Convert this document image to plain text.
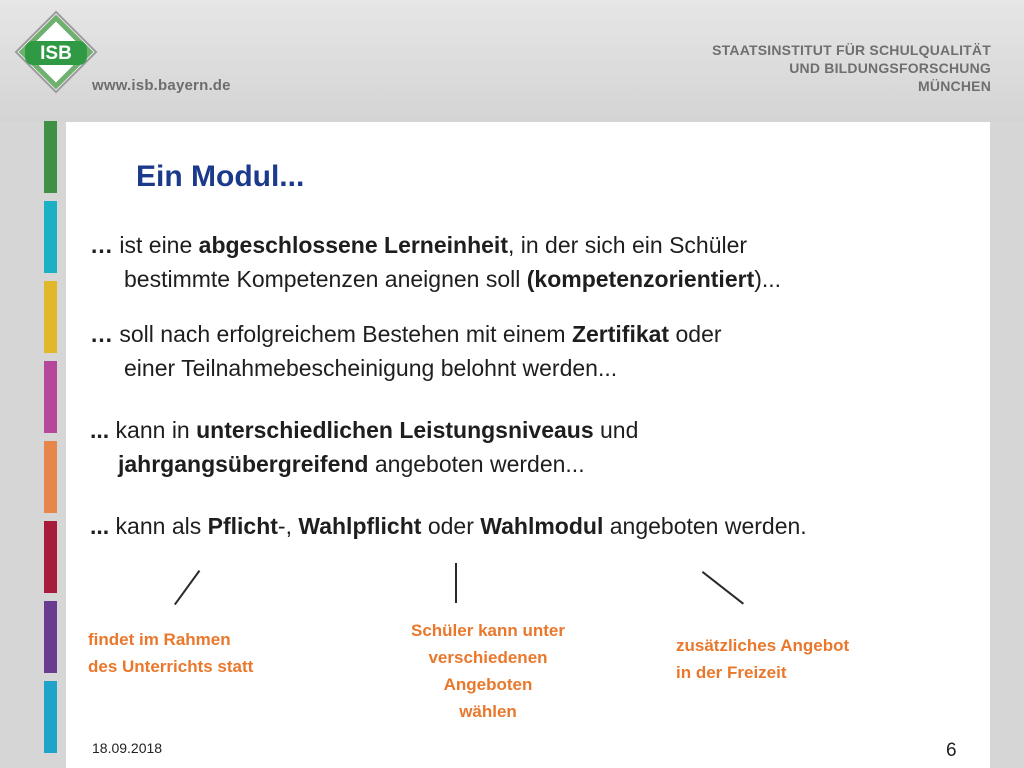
ISB
www.isb.bayern.de
STAATSINSTITUT FÜR SCHULQUALITÄT
UND BILDUNGSFORSCHUNG
MÜNCHEN
Ein Modul...
… ist eine abgeschlossene Lerneinheit, in der sich ein Schüler
bestimmte Kompetenzen aneignen soll (kompetenzorientiert)...
… soll nach erfolgreichem Bestehen mit einem Zertifikat oder
einer Teilnahmebescheinigung belohnt werden...
... kann in unterschiedlichen Leistungsniveaus und
jahrgangsübergreifend angeboten werden...
... kann als Pflicht-, Wahlpflicht oder Wahlmodul angeboten werden.
findet im Rahmen
des Unterrichts statt
Schüler kann unter
verschiedenen
Angeboten
wählen
zusätzliches Angebot
in der Freizeit
18.09.2018	6
